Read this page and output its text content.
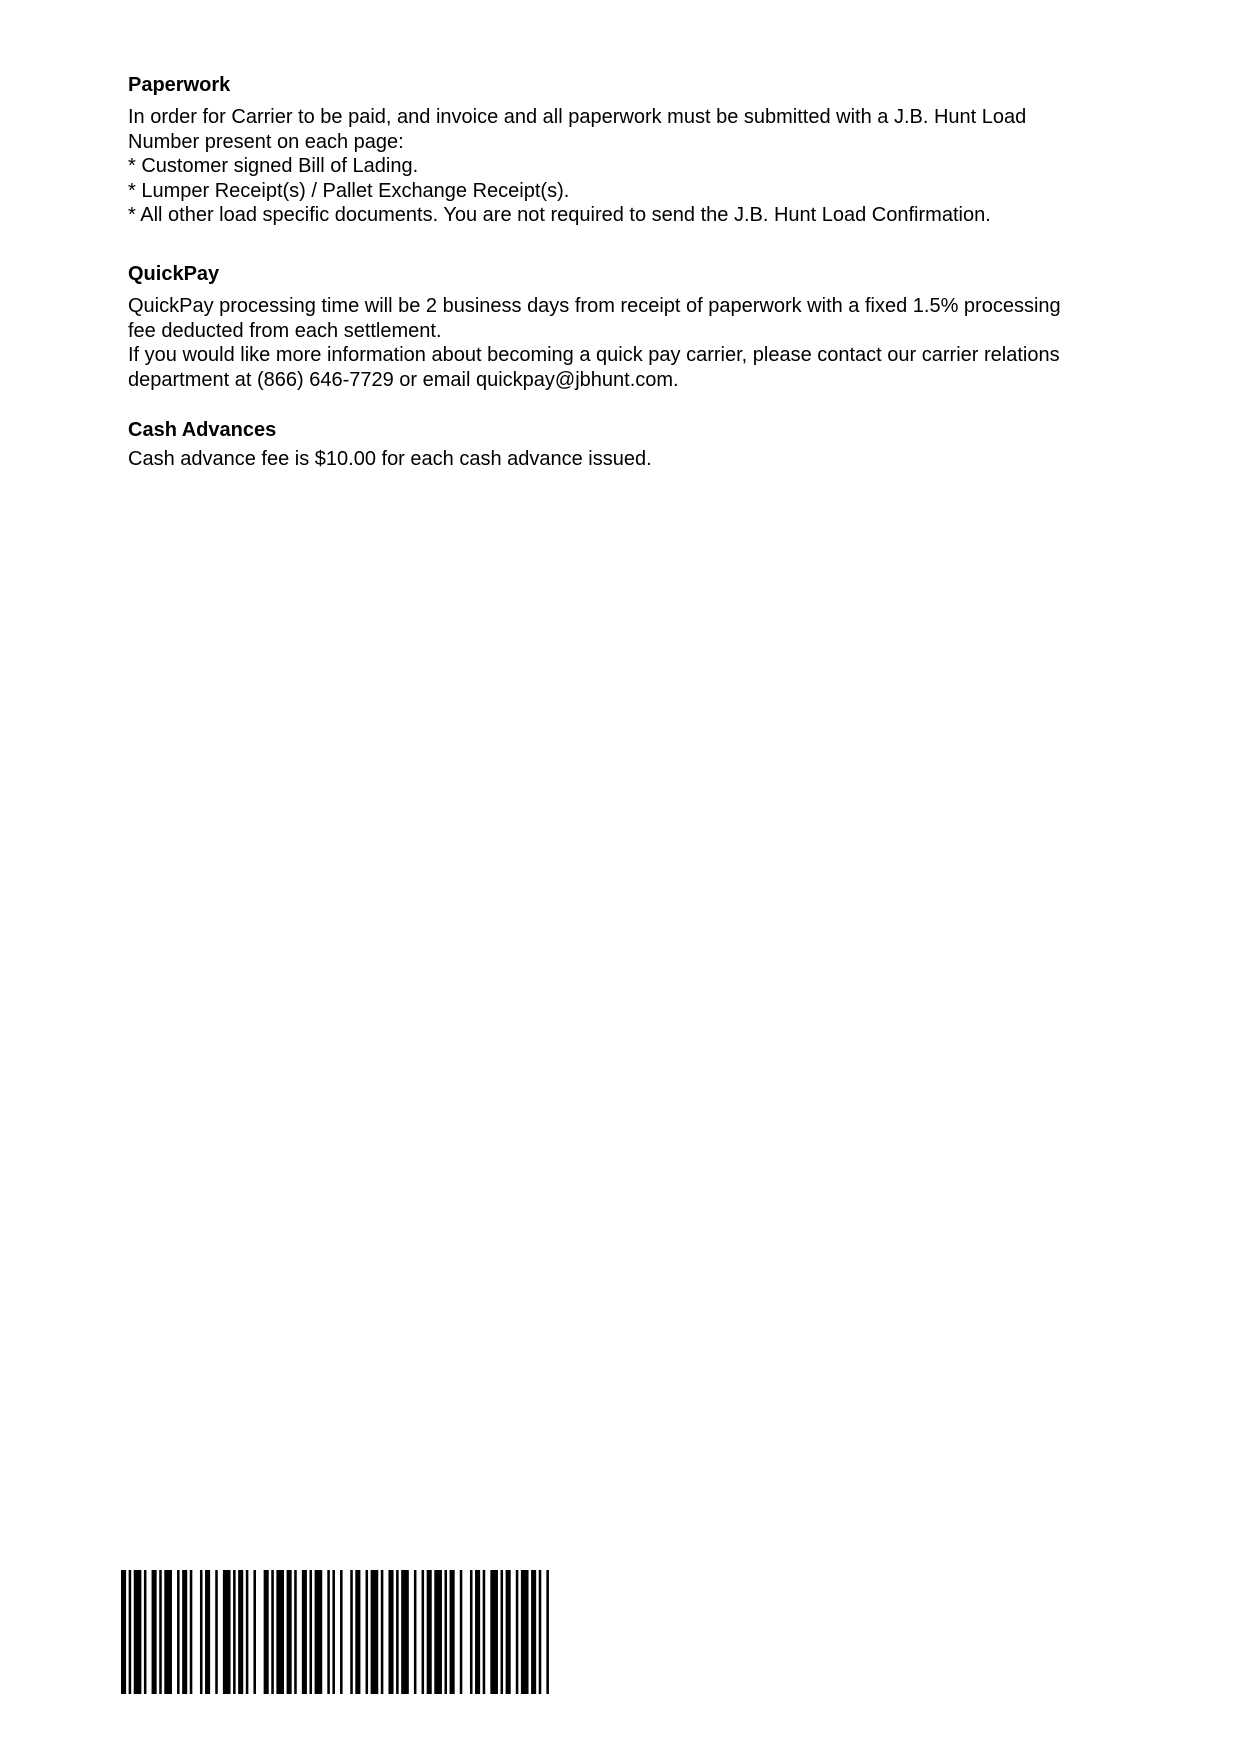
Paperwork

In order for Carrier to be paid, and invoice and all paperwork must be submitted with a J.B. Hunt Load

Number present on each page:

* Customer signed Bill of Lading.

* Lumper Receipt(s) / Pallet Exchange Receipt(s).

* All other load specific documents. You are not required to send the J.B. Hunt Load Confirmation.

QuickPay

QuickPay processing time will be 2 business days from receipt of paperwork with a fixed 1.5% processing

fee deducted from each settlement.

If you would like more information about becoming a quick pay carrier, please contact our carrier relations

department at (866) 646-7729 or email quickpay@jbhunt.com.

Cash Advances

Cash advance fee is $10.00 for each cash advance issued.
